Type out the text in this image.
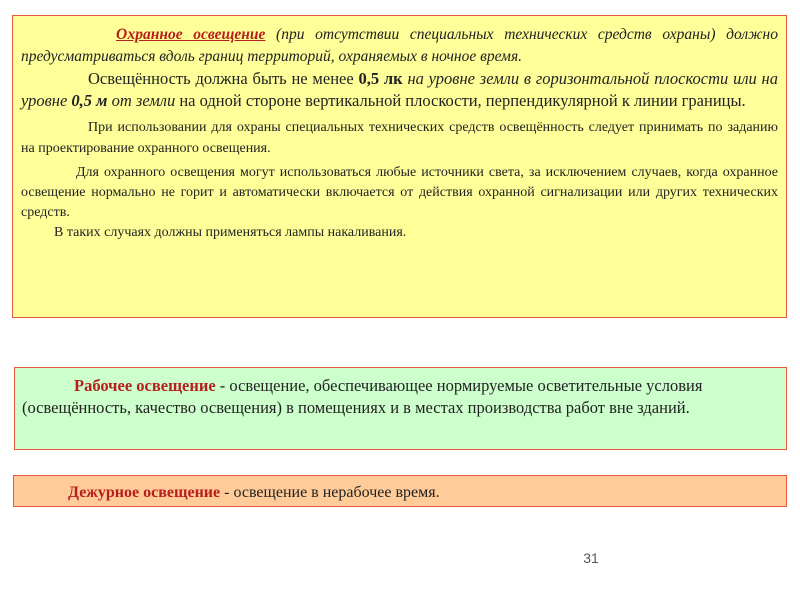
Охранное освещение (при отсутствии специальных технических средств охраны) должно предусматриваться вдоль границ территорий, охраняемых в ночное время.

Освещённость должна быть не менее 0,5 лк на уровне земли в горизонтальной плоскости или на уровне 0,5 м от земли на одной стороне вертикальной плоскости, перпендикулярной к линии границы.

При использовании для охраны специальных технических средств освещённость следует принимать по заданию на проектирование охранного освещения.

Для охранного освещения могут использоваться любые источники света, за исключением случаев, когда охранное освещение нормально не горит и автоматически включается от действия охранной сигнализации или других технических средств.

В таких случаях должны применяться лампы накаливания.

Рабочее освещение - освещение, обеспечивающее нормируемые осветительные условия (освещённость, качество освещения) в помещениях и в местах производства работ вне зданий.

Дежурное освещение - освещение в нерабочее время.

31
